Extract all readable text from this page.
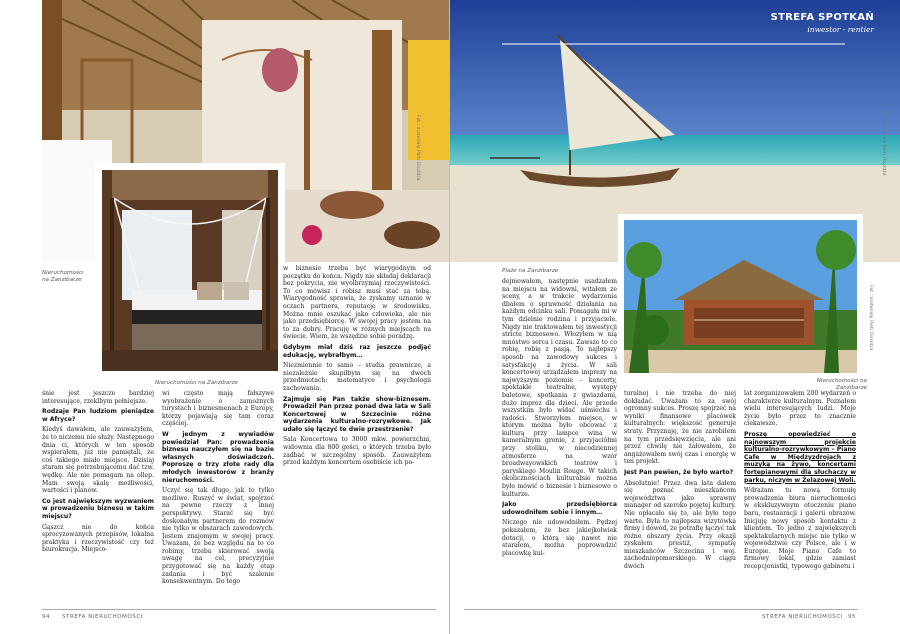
Nieruchomości na Zanzibarze
Nieruchomości na Zanzibarze
Fot.: materiały Piotr Drożdża

w biznesie trzeba być wiarygodnym od początku do końca. Nigdy nie składaj deklaracji bez pokrycia, nie wyolbrzymiaj rzeczywistości. To co mówisz i robisz musi stać za tobą. Wiarygodność sprawia, że zyskamy uznanie w oczach partnera, reputację w środowisku. Można mnie oszukać jako człowieka, ale nie jako przedsiębiorcę. W swojej pracy jestem na to za dobry. Pracuję w różnych miejscach na świecie. Wiem, że wszędzie sobie poradzę.

Gdybym miał dziś raz jeszcze podjąć edukację, wybrałbym…

Niezmiennie to samo – studia prawnicze, a niezależnie skupiłbym się na dwóch przedmiotach: matematyce i psychologii zachowania.

Zajmuje się Pan także show-biznesem. Prowadził Pan przez ponad dwa lata w Sali Koncertowej w Szczecinie różne wydarzenia kulturalno-rozrywkowe. Jak udało się łączyć te dwie przestrzenie?

Sala Koncertowa to 3000 mkw. powierzchni, widownia dla 800 gości, o których trzeba było zadbać w szczególny sposób. Zauważyłem przed każdym koncertem osobiście ich po-

śnie jest jeszcze bardziej interesujące, rzeklbym pełniejsze.

Rodzaje Pan ludziom pieniądze w Afryce?

Kiedyś dawałem, ale zauważyłem, że to niczemu nie służy. Następnego dnia ci, których w ten sposób wspierałem, już nie pamiętali, że coś takiego miało miejsce. Dzisiaj staram się potrzebującemu dać tzw. wędkę. Ale nie pomagam na ollep. Mam swoją skalę możliwości, wartości i planów.

Co jest największym wyzwaniem w prowadzeniu biznesu w takim miejscu?

Gąszcz nie do końca sprecyzowanych przepisów, lokalna praktyka i rzeczywistość czy też biurokracja. Miejsco-

wi często mają fałszywe wyobrażenie o zamożnych turystach i biznesmenach z Europy, którzy pojawiają się tam coraz częściej.

W jednym z wywiadów powiedział Pan: prowadzenia biznesu nauczyłem się na bazie własnych doświadczeń. Poproszę o trzy złote rady dla młodych inwestorów z branży nieruchomości.

Uczyć się tak długo, jak to tylko możliwe. Ruszyć w świat, spojrzeć na pewne rzeczy z innej perspektywy. Starać się być doskonałym partnerem do rozmów nie tylko w obszarach zawodowych. Jestem znajomym w swojej pracy. Uważam, że bez względu na to co robimy, trzeba skierować swoją uwagę na cel, precyzyjnie przygotować się na każdy etap zadania i być szalenie konsekwentnym. Do tego

94 STREFA NIERUCHOMOŚCI
STREFA SPOTKAŃ
inwestor - rentier
Fot.: materiały Piotr Drożdża
Plaże na Zanzibarze
Fot.: materiały Piotr Drożdża
Nieruchomości na Zanzibarze

dejmowałem, następnie usadzałem na miejscu na widowni, witałem ze sceny, a w trakcie wydarzenia dbałem o sprawność działania na każdym odcinku sali. Pomagała mi w tym dzielnie rodzina i przyjaciele. Nigdy nie traktowałem tej inwestycji stricte biznesowo. Włożyłem w nią mnóstwo serca i czasu. Zawsze to co robię, robię z pasją. To najlepszy sposób na zawodowy sukces i satysfakcję z życia. W sali koncertowej urządzałem imprezy na najwyższym poziomie – koncerty, spektakle teatralne, występy baletowe, spotkania z gwiazdami, dużo imprez dla dzieci. Ale przede wszystkim było widać uśmiechu i radości. Stworzyłem miejsce, w którym można było obcować z kulturą przy lampce wina w kameralnym gronie, z przyjaciółmi przy stoliku, w niecodziennej atmosferze na wzór broadwayowskich teatrów i paryskiego Moulin Rouge. W takich okolicznościach kulturalnie można było mówić o biznesie i biznesowo o kulturze.

Jako przedsiębiorca udowodniłem sobie i innym…

Niczego nie udowodniłem. Pędzej pokazałem, że bez jakiejkolwiek dotacji, o którą się nawet nie starałem, można poprowadzić placówkę kul-

turalnej i nie trzeba do niej dokładać. Uważam to za swój ogromny sukces. Proszę spojrzeć na wyniki finansowe placówek kulturalnych: większość generuje straty. Przyznaję, że nie zarobiłem na tym przedsięwzięciu, ale ani przez chwilę nie żałowałem, że angażowałem swój czas i energię w ten projekt.

Jest Pan pewien, że było warto?

Absolutnie! Przez dwa lata dałem się poznać mieszkańcom województwa jako sprawny manager od szeroko pojętej kultury. Nie opłacało się to, ale było tego warte. Była to najlepsza wizytówka firmy i dowód, że potrafię łączyć tak różne obszary życia. Przy okazji zyskałem prestiż, sympatię mieszkańców Szczecina i woj. zachodniopomorskiego. W ciągu dwóch

lat zorganizowałem 200 wydarzeń o charakterze kulturalnym. Poznałem wielu interesujących ludzi. Moje życie było przez to znacznie ciekawsze.

Proszę opowiedzieć o najnowszym projekcie kulturalno-rozrywkowym – Piano Cafe w Międzyzdrojach z muzyką na żywo, koncertami fortepianowymi dla słuchaczy w parku, niczym w Żelazowej Woli.

Wdrażam tu nową formułę prowadzenia biura nieruchomości w ekskluzywnym otoczeniu piano baru, restauracji i galerii obrazów. Inicjuję nowy sposób kontaktu z klientem. To jedno z największych spektakularnych miejsc nie tylko w województwie czy Polsce, ale i w Europie. Moje Piano Cafe to firmowy lokal, gdzie zamiast recepcjonistki, typowego gabinetu i

STREFA NIERUCHOMOŚCI 95
